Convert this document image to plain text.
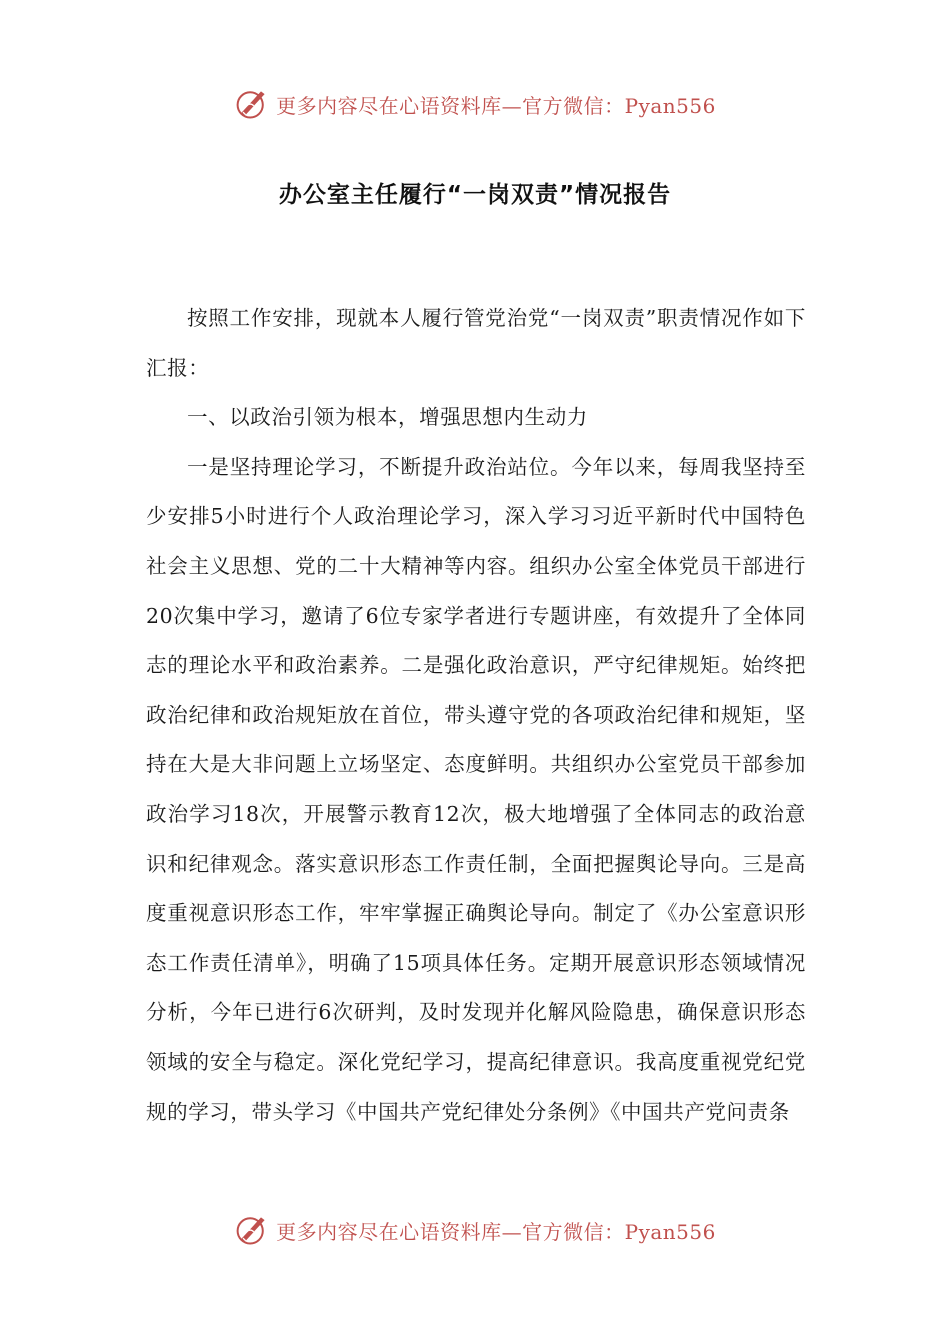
更多内容尽在心语资料库—官方微信：Pyan556
办公室主任履行“一岗双责”情况报告

按照工作安排，现就本人履行管党治党“一岗双责”职责情况作如下汇报：

一、以政治引领为根本，增强思想内生动力

一是坚持理论学习，不断提升政治站位。今年以来，每周我坚持至少安排5小时进行个人政治理论学习，深入学习习近平新时代中国特色社会主义思想、党的二十大精神等内容。组织办公室全体党员干部进行20次集中学习，邀请了6位专家学者进行专题讲座，有效提升了全体同志的理论水平和政治素养。二是强化政治意识，严守纪律规矩。始终把政治纪律和政治规矩放在首位，带头遵守党的各项政治纪律和规矩，坚持在大是大非问题上立场坚定、态度鲜明。共组织办公室党员干部参加政治学习18次，开展警示教育12次，极大地增强了全体同志的政治意识和纪律观念。落实意识形态工作责任制，全面把握舆论导向。三是高度重视意识形态工作，牢牢掌握正确舆论导向。制定了《办公室意识形态工作责任清单》，明确了15项具体任务。定期开展意识形态领域情况分析，今年已进行6次研判，及时发现并化解风险隐患，确保意识形态领域的安全与稳定。深化党纪学习，提高纪律意识。我高度重视党纪党规的学习，带头学习《中国共产党纪律处分条例》《中国共产党问责条

更多内容尽在心语资料库—官方微信：Pyan556
